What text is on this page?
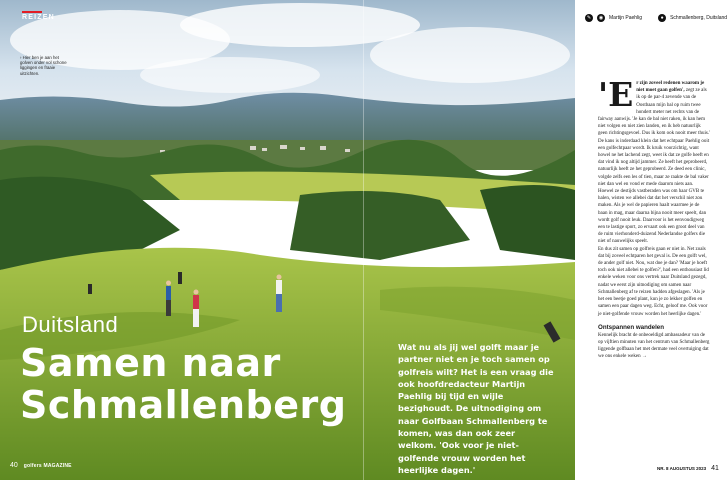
REIZEN
› Hier ben je aan het golven onder vol schone liggingen en fraaie uitzichten.
Duitsland
Samen naar Schmallenberg
Wat nu als jij wel golft maar je partner niet en je toch samen op golfreis wilt? Het is een vraag die ook hoofdredacteur Martijn Paehlig bij tijd en wijle bezighoudt. De uitnodiging om naar Golfbaan Schmallenberg te komen, was dan ook zeer welkom. 'Ook voor je niet-golfende vrouw worden het heerlijke dagen.'
40 golfers MAGAZINE
✎	◉	Martijn Paehlig	●	Schmallenberg, Duitsland
'E r zijn zoveel redenen waarom je niet moet gaan golfen', zegt ze als ik op de par-4 zevende van de Oostbaan mijn bal op ruim twee hondert meter net rechts van de fairway aanwijs. 'Je kan de bal niet raken, ik kan hem niet volgen en niet zien landen, en ik heb natuurlijk geen richtingsgevoel. Dus ik kom ook nooit meer thuis.' De kans is inderdaad klein dat het echtpaar Paehlig ooit een golfechtpaar wordt. Ik kruik voorzichtig, want howel ne het lachend zegt, weet ik dat ze golfe heeft en dat vind ik nog altijd jammer. Ze heeft het geprobeerd, natuurlijk heeft ze het geprobeerd. Ze deed een clinic, volgde zelfs een les of tien, maar ze raakte de bal vaker niet dan wel en vond er mede daarom niets aan. Hoewel ze destijds vastberaden was om haar GVB te halen, wisten we allebei dat dat het verschil niet zou maken. Als je wel de papieren haalt waarmee je de baan in mag, maar daarna bijna nooit meer speelt, dan wordt golf nooit leuk. Daarvoor is het eenvoudigweg een te lastige sport, zo ervaart ook een groot deel van de ruim vierhonderd-duizend Nederlandse golfers die niet of nauwelijks speelt.

En dus zit samen op golfreis gaan er niet in. Net zoals dat bij zoveel echtparen het geval is. De een golft wel, de ander golf niet. Nou, wat doe je dan? 'Maar je hoeft toch ook niet allebei te golfen?', had een enthousiast lid enkele weken voor ons vertrek naar Duitsland gezegd, nadat we eerst zijn uitnodiging om samen naar Schmallenberg af te reizen hadden afgeslagen. 'Als je het een beetje goed plant, kun je zo lekker golfen en samen een paar dagen weg. Echt, geloof me. Ook voor je niet-golfende vrouw worden het heerlijke dagen.'

Ontspannen wandelen

Kennelijk bracht de onbeoeldigd ambassadeur van de op vijftien minuten van het centrum van Schmallenberg liggende golfbaan het met dermate veel overtuiging dat we ons enkele weken →

NR. 8 AUGUSTUS 2023 41
